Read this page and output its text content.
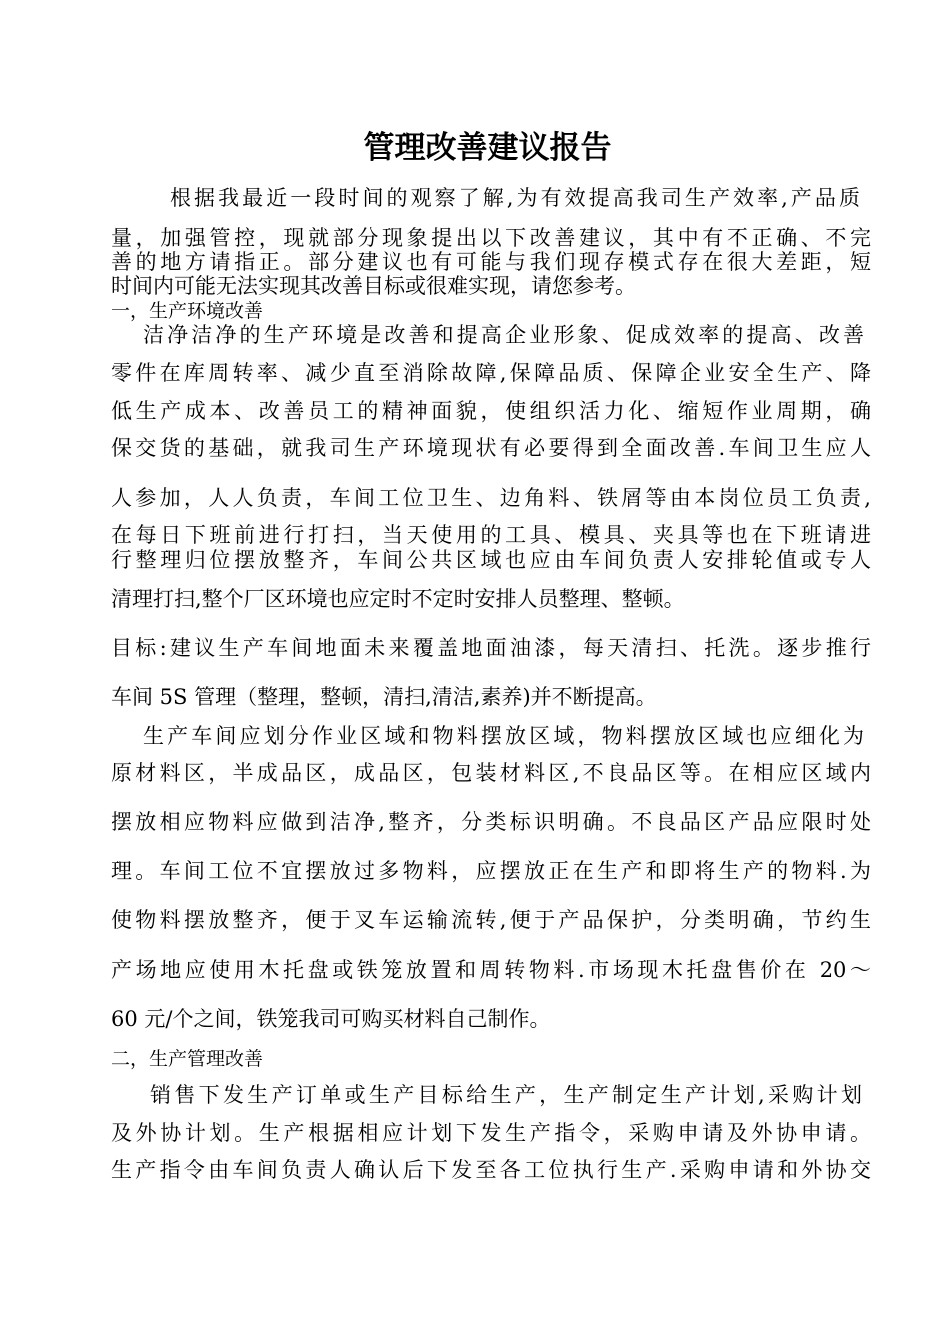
管理改善建议报告

根据我最近一段时间的观察了解,为有效提高我司生产效率,产品质

量，加强管控，现就部分现象提出以下改善建议，其中有不正确、不完

善的地方请指正。部分建议也有可能与我们现存模式存在很大差距，短

时间内可能无法实现其改善目标或很难实现，请您参考。

一，生产环境改善

洁净洁净的生产环境是改善和提高企业形象、促成效率的提高、改善

零件在库周转率、减少直至消除故障,保障品质、保障企业安全生产、降

低生产成本、改善员工的精神面貌，使组织活力化、缩短作业周期，确

保交货的基础，就我司生产环境现状有必要得到全面改善.车间卫生应人

人参加，人人负责，车间工位卫生、边角料、铁屑等由本岗位员工负责,

在每日下班前进行打扫，当天使用的工具、模具、夹具等也在下班请进

行整理归位摆放整齐，车间公共区域也应由车间负责人安排轮值或专人

清理打扫,整个厂区环境也应定时不定时安排人员整理、整顿。

目标:建议生产车间地面未来覆盖地面油漆，每天清扫、托洗。逐步推行

车间 5S 管理（整理，整顿，清扫,清洁,素养)并不断提高。

生产车间应划分作业区域和物料摆放区域，物料摆放区域也应细化为

原材料区，半成品区，成品区，包装材料区,不良品区等。在相应区域内

摆放相应物料应做到洁净,整齐，分类标识明确。不良品区产品应限时处

理。车间工位不宜摆放过多物料，应摆放正在生产和即将生产的物料.为

使物料摆放整齐，便于叉车运输流转,便于产品保护，分类明确，节约生

产场地应使用木托盘或铁笼放置和周转物料.市场现木托盘售价在 20～

60 元/个之间，铁笼我司可购买材料自己制作。

二，生产管理改善

销售下发生产订单或生产目标给生产，生产制定生产计划,采购计划

及外协计划。生产根据相应计划下发生产指令，采购申请及外协申请。

生产指令由车间负责人确认后下发至各工位执行生产.采购申请和外协交
